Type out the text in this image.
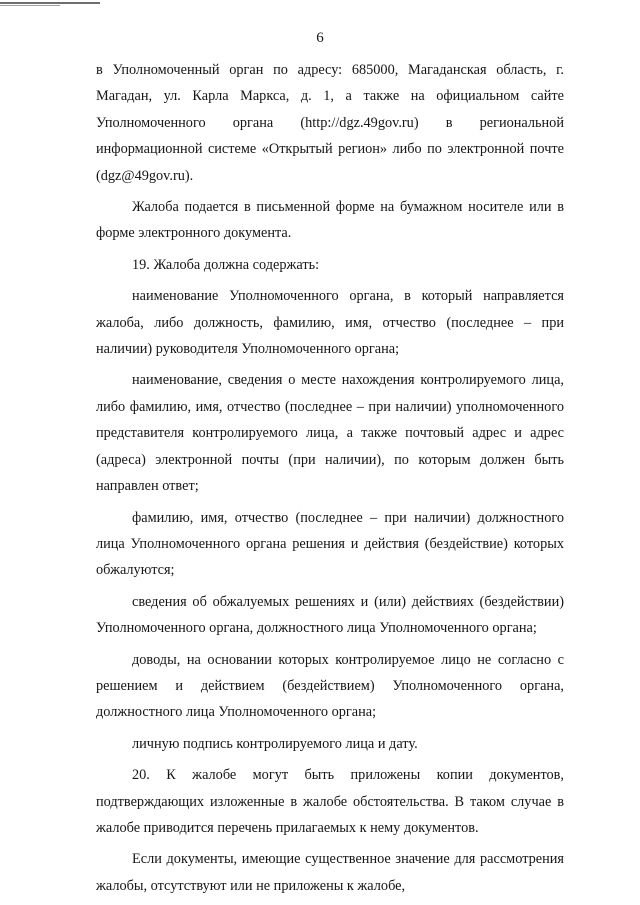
6

в Уполномоченный орган по адресу: 685000, Магаданская область, г. Магадан, ул. Карла Маркса, д. 1, а также на официальном сайте Уполномоченного органа (http://dgz.49gov.ru) в региональной информационной системе «Открытый регион» либо по электронной почте (dgz@49gov.ru).

Жалоба подается в письменной форме на бумажном носителе или в форме электронного документа.

19. Жалоба должна содержать:

наименование Уполномоченного органа, в который направляется жалоба, либо должность, фамилию, имя, отчество (последнее – при наличии) руководителя Уполномоченного органа;

наименование, сведения о месте нахождения контролируемого лица, либо фамилию, имя, отчество (последнее – при наличии) уполномоченного представителя контролируемого лица, а также почтовый адрес и адрес (адреса) электронной почты (при наличии), по которым должен быть направлен ответ;

фамилию, имя, отчество (последнее – при наличии) должностного лица Уполномоченного органа решения и действия (бездействие) которых обжалуются;

сведения об обжалуемых решениях и (или) действиях (бездействии) Уполномоченного органа, должностного лица Уполномоченного органа;

доводы, на основании которых контролируемое лицо не согласно с решением и действием (бездействием) Уполномоченного органа, должностного лица Уполномоченного органа;

личную подпись контролируемого лица и дату.

20. К жалобе могут быть приложены копии документов, подтверждающих изложенные в жалобе обстоятельства. В таком случае в жалобе приводится перечень прилагаемых к нему документов.

Если документы, имеющие существенное значение для рассмотрения жалобы, отсутствуют или не приложены к жалобе,
